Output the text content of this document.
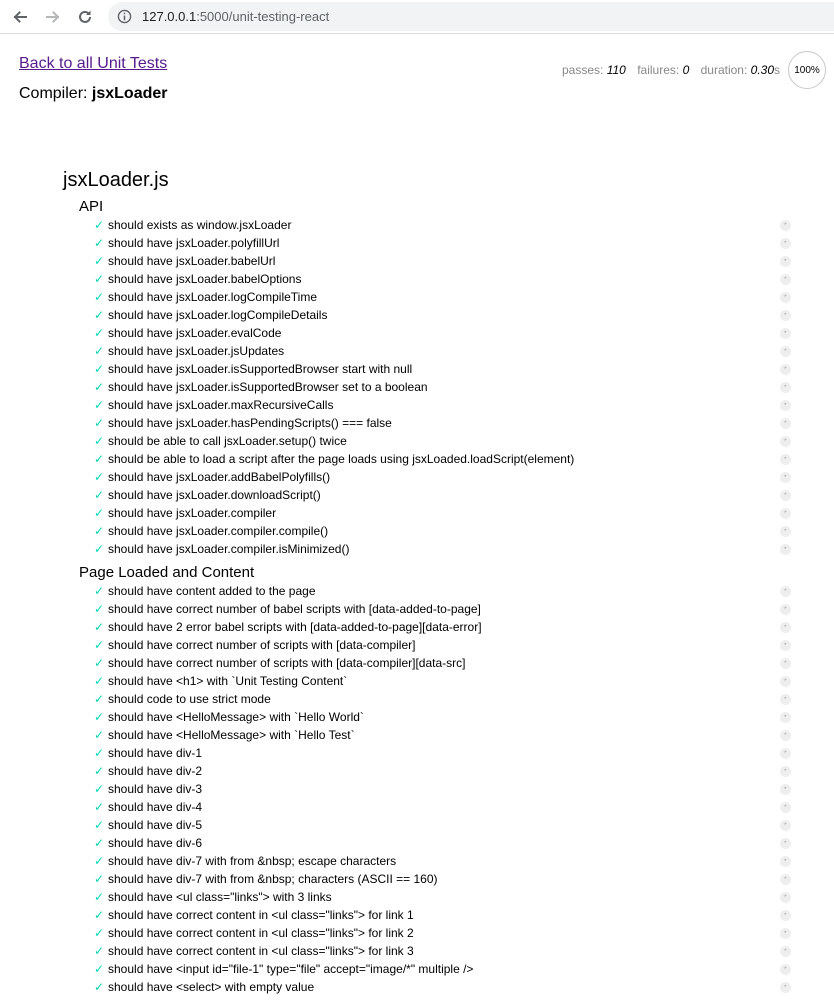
127.0.0.1:5000/unit-testing-react
Back to all Unit Tests
Compiler: jsxLoader
passes: 110 failures: 0 duration: 0.30s	100%
jsxLoader.js
API
✓ should exists as window.jsxLoader	‣
✓ should have jsxLoader.polyfillUrl	‣
✓ should have jsxLoader.babelUrl	‣
✓ should have jsxLoader.babelOptions	‣
✓ should have jsxLoader.logCompileTime	‣
✓ should have jsxLoader.logCompileDetails	‣
✓ should have jsxLoader.evalCode	‣
✓ should have jsxLoader.jsUpdates	‣
✓ should have jsxLoader.isSupportedBrowser start with null	‣
✓ should have jsxLoader.isSupportedBrowser set to a boolean	‣
✓ should have jsxLoader.maxRecursiveCalls	‣
✓ should have jsxLoader.hasPendingScripts() === false	‣
✓ should be able to call jsxLoader.setup() twice	‣
✓ should be able to load a script after the page loads using jsxLoaded.loadScript(element)	‣
✓ should have jsxLoader.addBabelPolyfills()	‣
✓ should have jsxLoader.downloadScript()	‣
✓ should have jsxLoader.compiler	‣
✓ should have jsxLoader.compiler.compile()	‣
✓ should have jsxLoader.compiler.isMinimized()	‣
Page Loaded and Content
✓ should have content added to the page	‣
✓ should have correct number of babel scripts with [data-added-to-page]	‣
✓ should have 2 error babel scripts with [data-added-to-page][data-error]	‣
✓ should have correct number of scripts with [data-compiler]	‣
✓ should have correct number of scripts with [data-compiler][data-src]	‣
✓ should have <h1> with `Unit Testing Content`	‣
✓ should code to use strict mode	‣
✓ should have <HelloMessage> with `Hello World`	‣
✓ should have <HelloMessage> with `Hello Test`	‣
✓ should have div-1	‣
✓ should have div-2	‣
✓ should have div-3	‣
✓ should have div-4	‣
✓ should have div-5	‣
✓ should have div-6	‣
✓ should have div-7 with from &nbsp; escape characters	‣
✓ should have div-7 with from &nbsp; characters (ASCII == 160)	‣
✓ should have <ul class="links"> with 3 links	‣
✓ should have correct content in <ul class="links"> for link 1	‣
✓ should have correct content in <ul class="links"> for link 2	‣
✓ should have correct content in <ul class="links"> for link 3	‣
✓ should have <input id="file-1" type="file" accept="image/*" multiple />	‣
✓ should have <select> with empty value	‣
